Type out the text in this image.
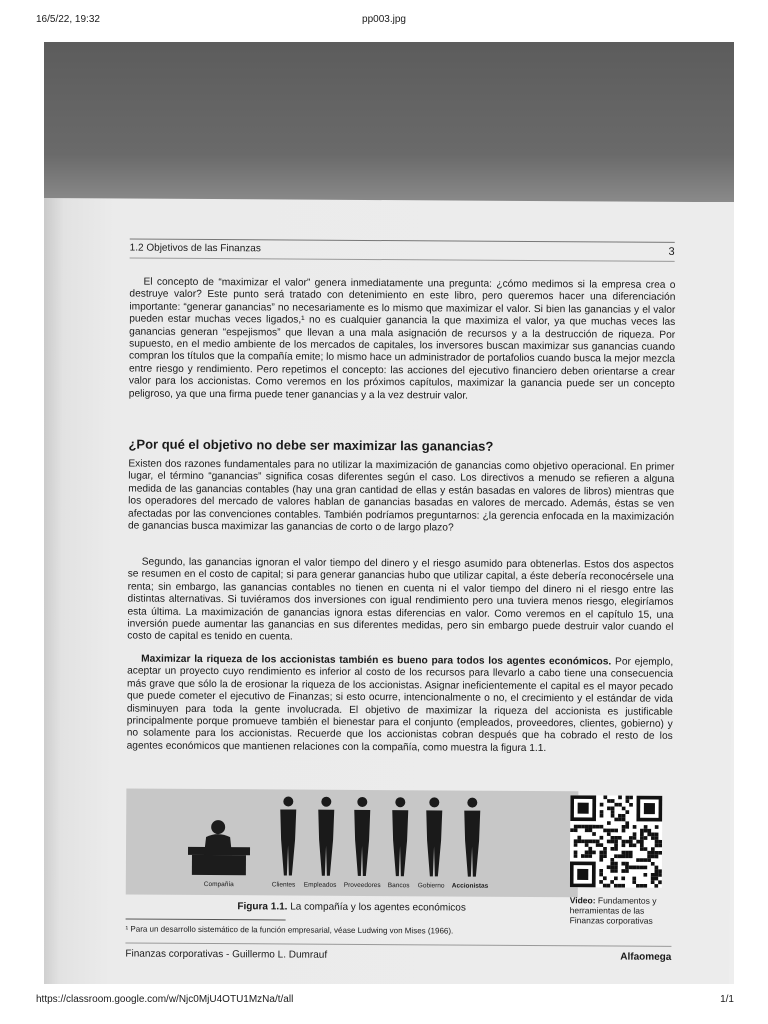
16/5/22, 19:32	pp003.jpg
1.2 Objetivos de las Finanzas	3
El concepto de “maximizar el valor” genera inmediatamente una pregunta: ¿cómo medimos si la empresa crea o destruye valor? Este punto será tratado con detenimiento en este libro, pero queremos hacer una diferenciación importante: “generar ganancias” no necesariamente es lo mismo que maximizar el valor. Si bien las ganancias y el valor pueden estar muchas veces ligados,¹ no es cualquier ganancia la que maximiza el valor, ya que muchas veces las ganancias generan “espejismos” que llevan a una mala asignación de recursos y a la destrucción de riqueza. Por supuesto, en el medio ambiente de los mercados de capitales, los inversores buscan maximizar sus ganancias cuando compran los títulos que la compañía emite; lo mismo hace un administrador de portafolios cuando busca la mejor mezcla entre riesgo y rendimiento. Pero repetimos el concepto: las acciones del ejecutivo financiero deben orientarse a crear valor para los accionistas. Como veremos en los próximos capítulos, maximizar la ganancia puede ser un concepto peligroso, ya que una firma puede tener ganancias y a la vez destruir valor.
¿Por qué el objetivo no debe ser maximizar las ganancias?
Existen dos razones fundamentales para no utilizar la maximización de ganancias como objetivo operacional. En primer lugar, el término “ganancias” significa cosas diferentes según el caso. Los directivos a menudo se refieren a alguna medida de las ganancias contables (hay una gran cantidad de ellas y están basadas en valores de libros) mientras que los operadores del mercado de valores hablan de ganancias basadas en valores de mercado. Además, éstas se ven afectadas por las convenciones contables. También podríamos preguntarnos: ¿la gerencia enfocada en la maximización de ganancias busca maximizar las ganancias de corto o de largo plazo?
Segundo, las ganancias ignoran el valor tiempo del dinero y el riesgo asumido para obtenerlas. Estos dos aspectos se resumen en el costo de capital; si para generar ganancias hubo que utilizar capital, a éste debería reconocérsele una renta; sin embargo, las ganancias contables no tienen en cuenta ni el valor tiempo del dinero ni el riesgo entre las distintas alternativas. Si tuviéramos dos inversiones con igual rendimiento pero una tuviera menos riesgo, elegiríamos esta última. La maximización de ganancias ignora estas diferencias en valor. Como veremos en el capítulo 15, una inversión puede aumentar las ganancias en sus diferentes medidas, pero sin embargo puede destruir valor cuando el costo de capital es tenido en cuenta.
Maximizar la riqueza de los accionistas también es bueno para todos los agentes económicos. Por ejemplo, aceptar un proyecto cuyo rendimiento es inferior al costo de los recursos para llevarlo a cabo tiene una consecuencia más grave que sólo la de erosionar la riqueza de los accionistas. Asignar ineficientemente el capital es el mayor pecado que puede cometer el ejecutivo de Finanzas; si esto ocurre, intencionalmente o no, el crecimiento y el estándar de vida disminuyen para toda la gente involucrada. El objetivo de maximizar la riqueza del accionista es justificable principalmente porque promueve también el bienestar para el conjunto (empleados, proveedores, clientes, gobierno) y no solamente para los accionistas. Recuerde que los accionistas cobran después que ha cobrado el resto de los agentes económicos que mantienen relaciones con la compañía, como muestra la figura 1.1.
Compañía	Clientes Empleados Proveedores Bancos Gobierno Accionistas
Figura 1.1. La compañía y los agentes económicos
Video: Fundamentos y herramientas de las Finanzas corporativas
¹ Para un desarrollo sistemático de la función empresarial, véase Ludwing von Mises (1966).
Finanzas corporativas - Guillermo L. Dumrauf	Alfaomega
https://classroom.google.com/w/Njc0MjU4OTU1MzNa/t/all	1/1
